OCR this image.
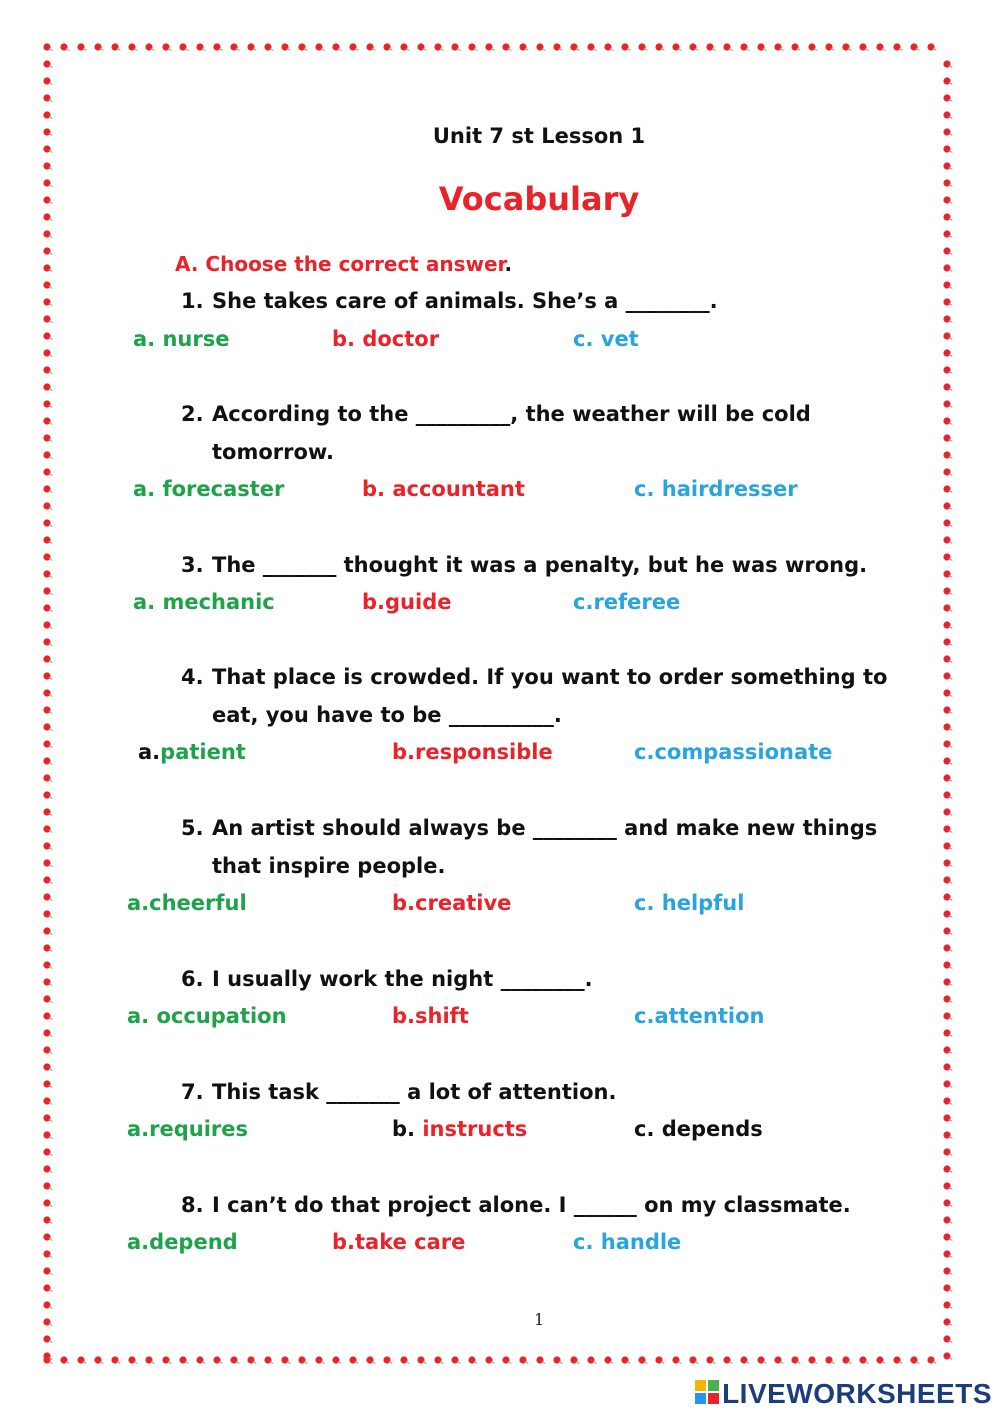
Unit 7 st Lesson 1
Vocabulary
A. Choose the correct answer.
1. She takes care of animals. She’s a ________.
a. nurse	b. doctor	c. vet
2. According to the _________, the weather will be cold
tomorrow.
a. forecaster	b. accountant	c. hairdresser
3. The _______ thought it was a penalty, but he was wrong.
a. mechanic	b.guide	c.referee
4. That place is crowded. If you want to order something to
eat, you have to be __________.
a.patient	b.responsible	c.compassionate
5. An artist should always be ________ and make new things
that inspire people.
a.cheerful	b.creative	c. helpful
6. I usually work the night ________.
a. occupation	b.shift	c.attention
7. This task _______ a lot of attention.
a.requires	b. instructs	c. depends
8. I can’t do that project alone. I ______ on my classmate.
a.depend	b.take care	c. handle
1
LIVEWORKSHEETS
